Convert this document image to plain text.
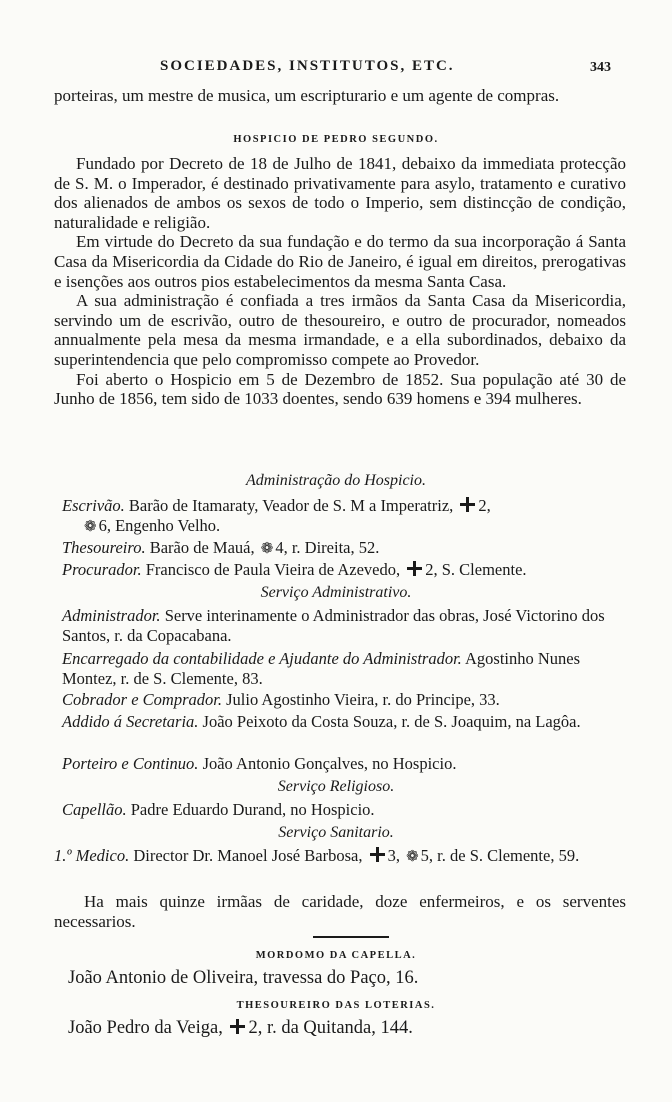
SOCIEDADES, INSTITUTOS, ETC.	343
porteiras, um mestre de musica, um escripturario e um agente de compras.
HOSPICIO DE PEDRO SEGUNDO.
Fundado por Decreto de 18 de Julho de 1841, debaixo da immediata protecção de S. M. o Imperador, é destinado privativamente para asylo, tratamento e curativo dos alienados de ambos os sexos de todo o Imperio, sem distincção de condição, naturalidade e religião.
Em virtude do Decreto da sua fundação e do termo da sua incorporação á Santa Casa da Misericordia da Cidade do Rio de Janeiro, é igual em direitos, prerogativas e isenções aos outros pios estabelecimentos da mesma Santa Casa.
A sua administração é confiada a tres irmãos da Santa Casa da Misericordia, servindo um de escrivão, outro de thesoureiro, e outro de procurador, nomeados annualmente pela mesa da mesma irmandade, e a ella subordinados, debaixo da superintendencia que pelo compromisso compete ao Provedor.
Foi aberto o Hospicio em 5 de Dezembro de 1852. Sua população até 30 de Junho de 1856, tem sido de 1033 doentes, sendo 639 homens e 394 mulheres.
Administração do Hospicio.
Escrivão. Barão de Itamaraty, Veador de S. M a Imperatriz, 2,
❁ 6, Engenho Velho.
Thesoureiro. Barão de Mauá, ❁ 4, r. Direita, 52.
Procurador. Francisco de Paula Vieira de Azevedo, 2, S. Clemente.
Serviço Administrativo.
Administrador. Serve interinamente o Administrador das obras, José Victorino dos Santos, r. da Copacabana.
Encarregado da contabilidade e Ajudante do Administrador. Agostinho Nunes Montez, r. de S. Clemente, 83.
Cobrador e Comprador. Julio Agostinho Vieira, r. do Principe, 33.
Addido á Secretaria. João Peixoto da Costa Souza, r. de S. Joaquim, na Lagôa.
Porteiro e Continuo. João Antonio Gonçalves, no Hospicio.
Serviço Religioso.
Capellão. Padre Eduardo Durand, no Hospicio.
Serviço Sanitario.
1.º Medico. Director Dr. Manoel José Barbosa, 3, ❁ 5, r. de S. Clemente, 59.
Ha mais quinze irmãas de caridade, doze enfermeiros, e os serventes necessarios.
MORDOMO DA CAPELLA.
João Antonio de Oliveira, travessa do Paço, 16.
THESOUREIRO DAS LOTERIAS.
João Pedro da Veiga, 2, r. da Quitanda, 144.
